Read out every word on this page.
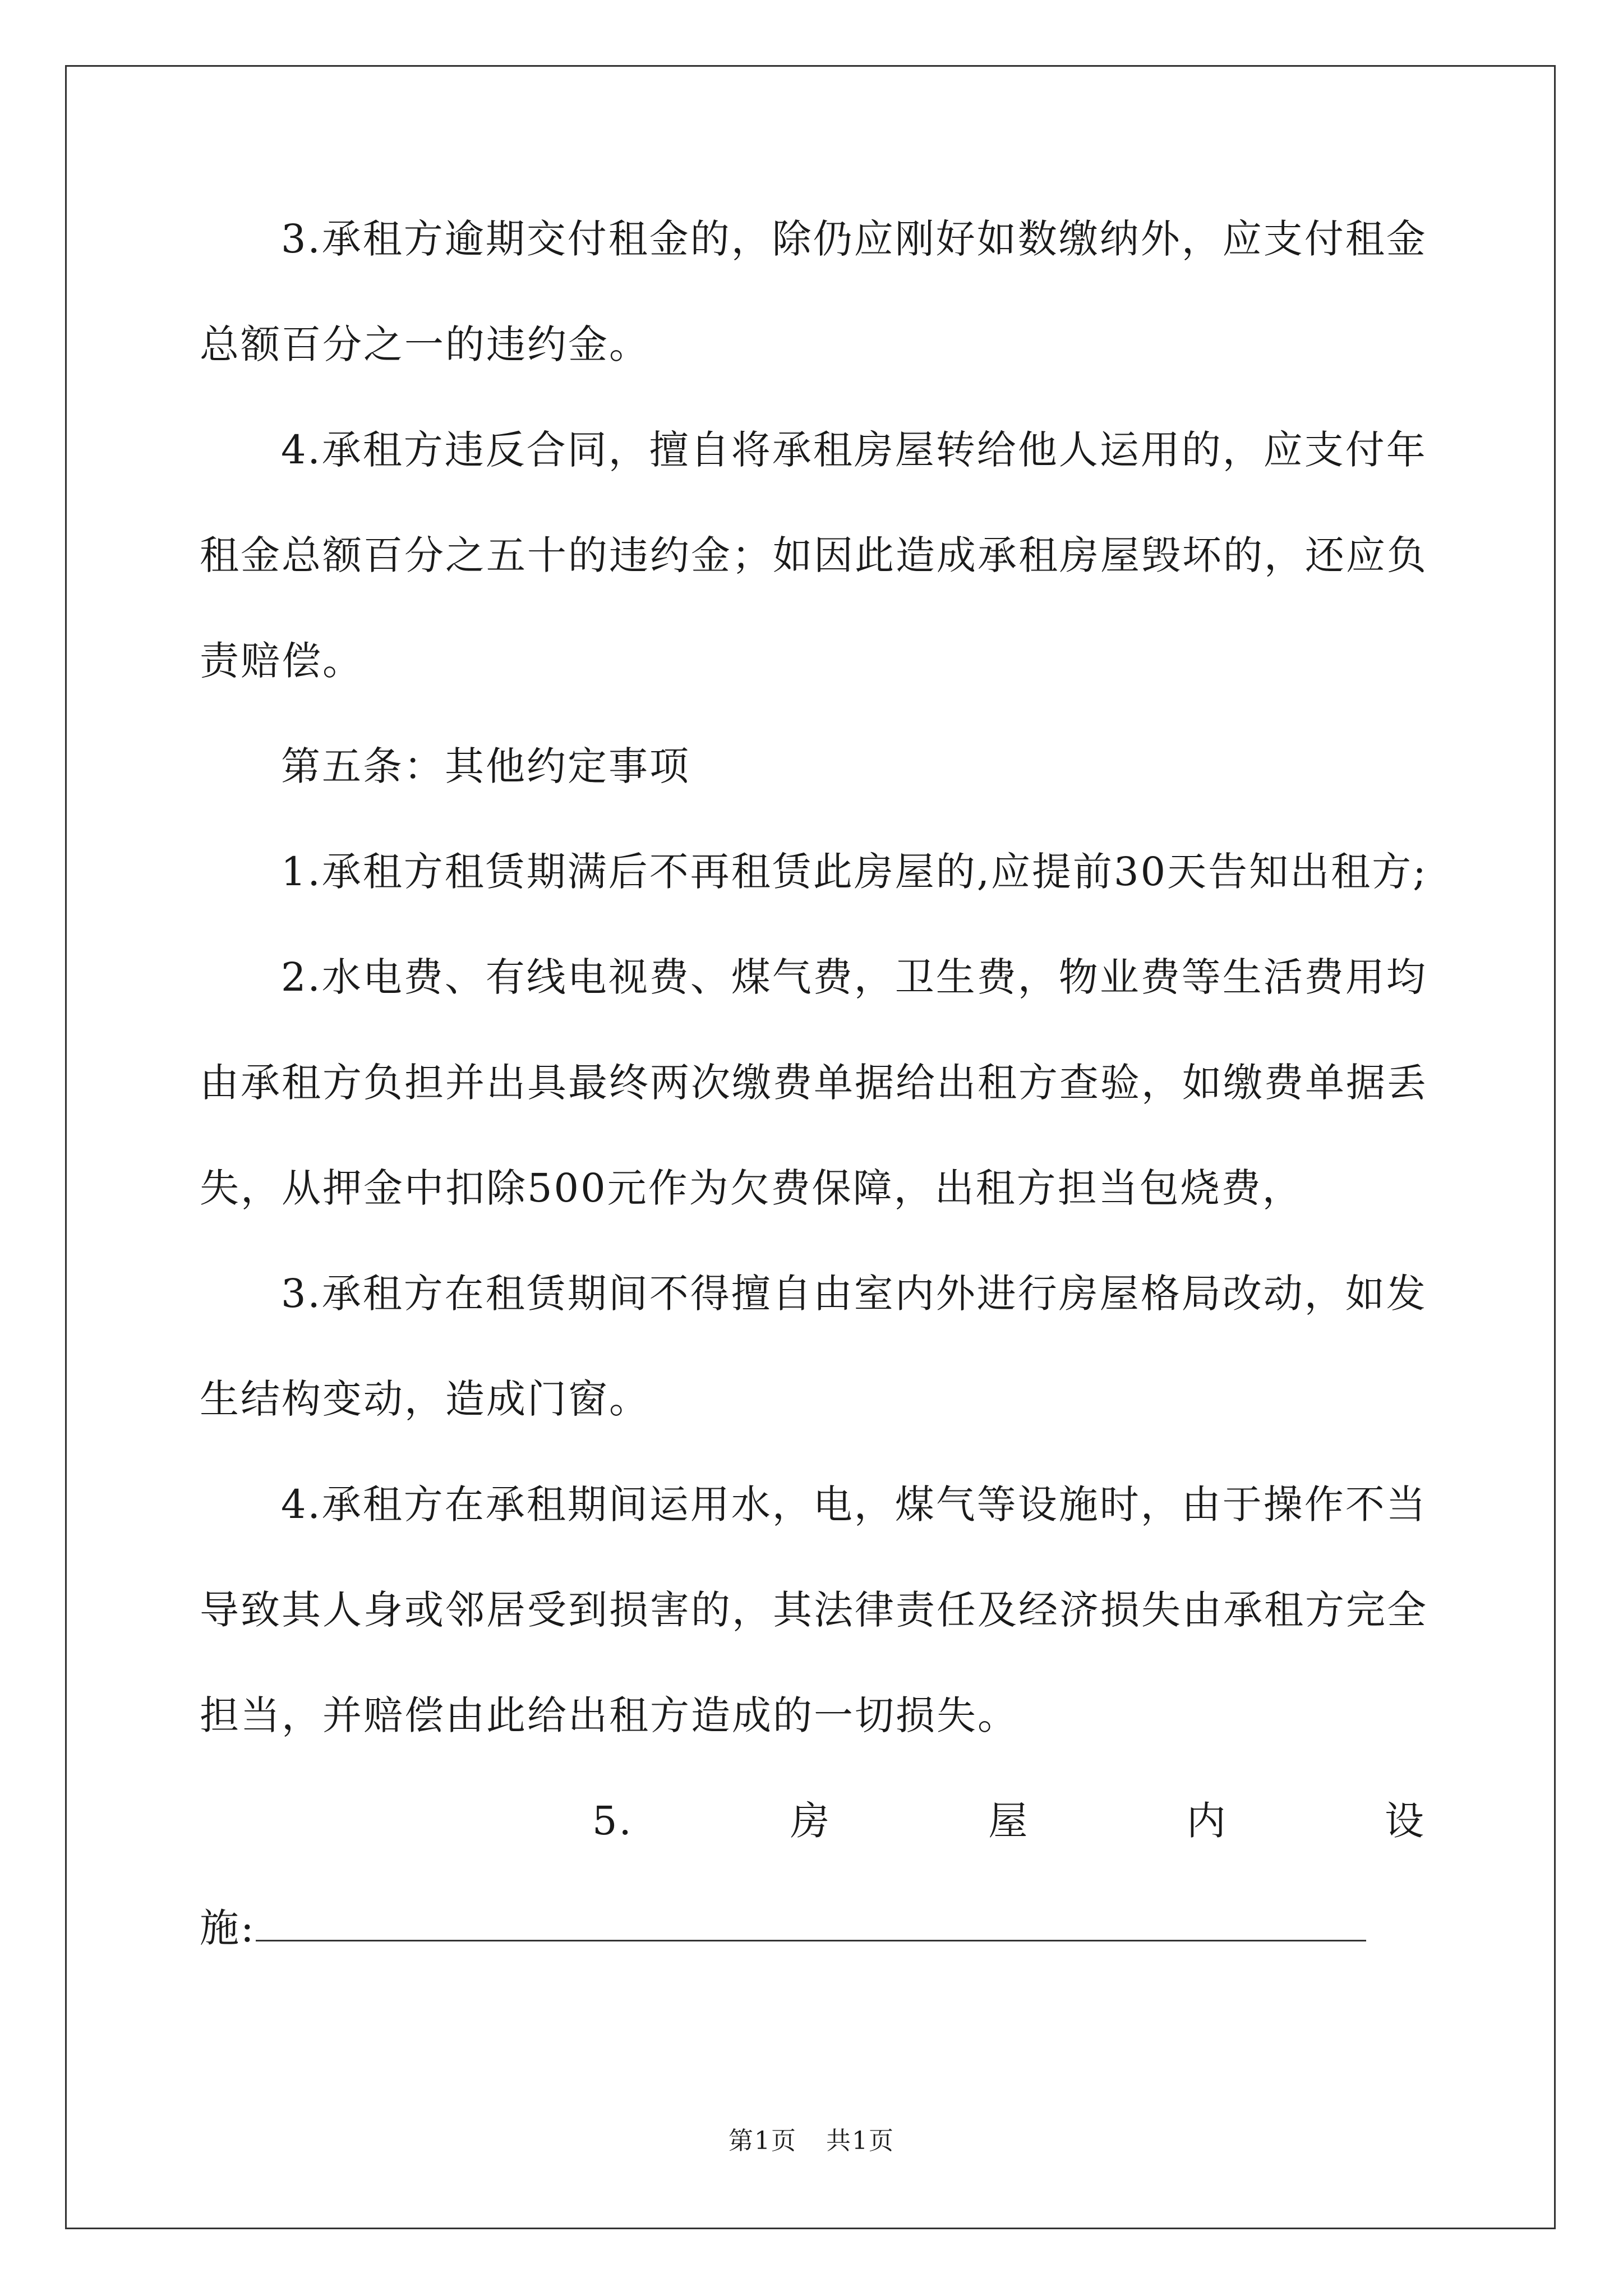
3.承租方逾期交付租金的，除仍应刚好如数缴纳外，应支付租金
总额百分之一的违约金。
4.承租方违反合同，擅自将承租房屋转给他人运用的，应支付年
租金总额百分之五十的违约金；如因此造成承租房屋毁坏的，还应负
责赔偿。
第五条：其他约定事项
1.承租方租赁期满后不再租赁此房屋的,应提前30天告知出租方;
2.水电费、有线电视费、煤气费，卫生费，物业费等生活费用均
由承租方负担并出具最终两次缴费单据给出租方查验，如缴费单据丢
失，从押金中扣除500元作为欠费保障，出租方担当包烧费，
3.承租方在租赁期间不得擅自由室内外进行房屋格局改动，如发
生结构变动，造成门窗。
4.承租方在承租期间运用水，电，煤气等设施时，由于操作不当
导致其人身或邻居受到损害的，其法律责任及经济损失由承租方完全
担当，并赔偿由此给出租方造成的一切损失。
5.	房	屋	内	设
施:
第1页 共1页
